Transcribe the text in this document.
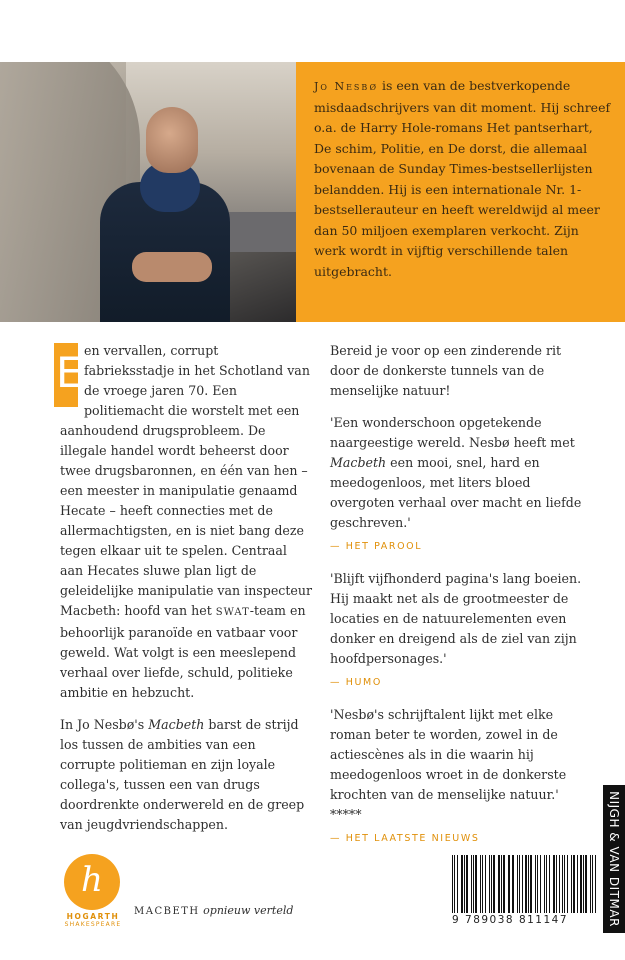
Jo Nesbø is een van de bestverkopende misdaadschrijvers van dit moment. Hij schreef o.a. de Harry Hole-romans Het pantserhart, De schim, Politie, en De dorst, die allemaal bovenaan de Sunday Times-bestsellerlijsten belandden. Hij is een internationale Nr. 1-bestsellerauteur en heeft wereldwijd al meer dan 50 miljoen exemplaren verkocht. Zijn werk wordt in vijftig verschillende talen uitgebracht.

E en vervallen, corrupt fabrieksstadje in het Schotland van de vroege jaren 70. Een politiemacht die worstelt met een aanhoudend drugsprobleem. De illegale handel wordt beheerst door twee drugsbaronnen, en één van hen – een meester in manipulatie genaamd Hecate – heeft connecties met de allermachtigsten, en is niet bang deze tegen elkaar uit te spelen. Centraal aan Hecates sluwe plan ligt de geleidelijke manipulatie van inspecteur Macbeth: hoofd van het SWAT-team en behoorlijk paranoïde en vatbaar voor geweld. Wat volgt is een meeslepend verhaal over liefde, schuld, politieke ambitie en hebzucht.

In Jo Nesbø's Macbeth barst de strijd los tussen de ambities van een corrupte politieman en zijn loyale collega's, tussen een van drugs doordrenkte onderwereld en de greep van jeugdvriendschappen.

Bereid je voor op een zinderende rit door de donkerste tunnels van de menselijke natuur!

'Een wonderschoon opgetekende naargeestige wereld. Nesbø heeft met Macbeth een mooi, snel, hard en meedogenloos, met liters bloed overgoten verhaal over macht en liefde geschreven.'
— HET PAROOL

'Blijft vijfhonderd pagina's lang boeien. Hij maakt net als de grootmeester de locaties en de natuurelementen even donker en dreigend als de ziel van zijn hoofdpersonages.'
— HUMO

'Nesbø's schrijftalent lijkt met elke roman beter te worden, zowel in de actiescènes als in die waarin hij meedogenloos wroet in de donkerste krochten van de menselijke natuur.' *****
— HET LAATSTE NIEUWS

h
HOGARTH
SHAKESPEARE
MACBETH opnieuw verteld
9 789038 811147	NIJGH & VAN DITMAR
